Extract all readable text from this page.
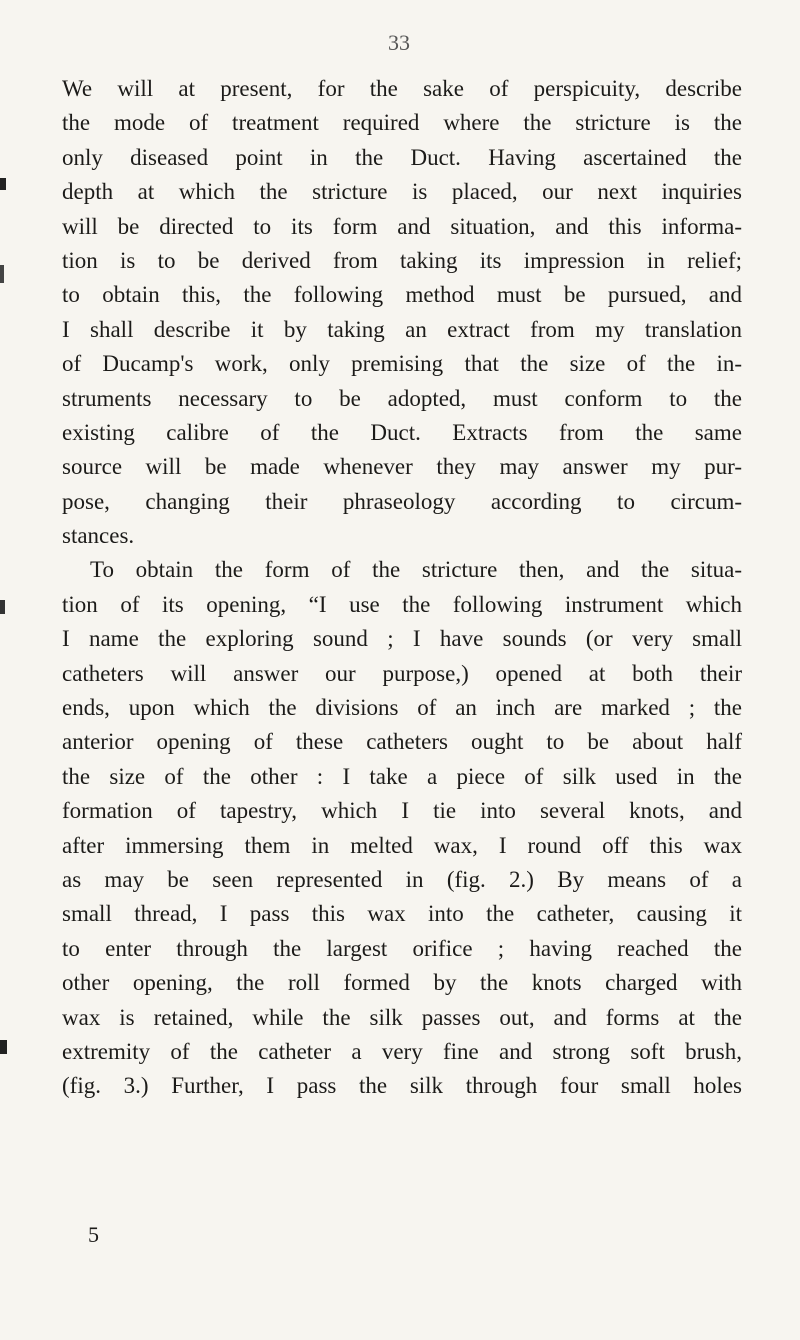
33
We will at present, for the sake of perspicuity, describe
the mode of treatment required where the stricture is the
only diseased point in the Duct. Having ascertained the
depth at which the stricture is placed, our next inquiries
will be directed to its form and situation, and this informa-
tion is to be derived from taking its impression in relief;
to obtain this, the following method must be pursued, and
I shall describe it by taking an extract from my translation
of Ducamp's work, only premising that the size of the in-
struments necessary to be adopted, must conform to the
existing calibre of the Duct. Extracts from the same
source will be made whenever they may answer my pur-
pose, changing their phraseology according to circum-
stances.
To obtain the form of the stricture then, and the situa-
tion of its opening, “I use the following instrument which
I name the exploring sound ; I have sounds (or very small
catheters will answer our purpose,) opened at both their
ends, upon which the divisions of an inch are marked ; the
anterior opening of these catheters ought to be about half
the size of the other : I take a piece of silk used in the
formation of tapestry, which I tie into several knots, and
after immersing them in melted wax, I round off this wax
as may be seen represented in (fig. 2.) By means of a
small thread, I pass this wax into the catheter, causing it
to enter through the largest orifice ; having reached the
other opening, the roll formed by the knots charged with
wax is retained, while the silk passes out, and forms at the
extremity of the catheter a very fine and strong soft brush,
(fig. 3.) Further, I pass the silk through four small holes
5
